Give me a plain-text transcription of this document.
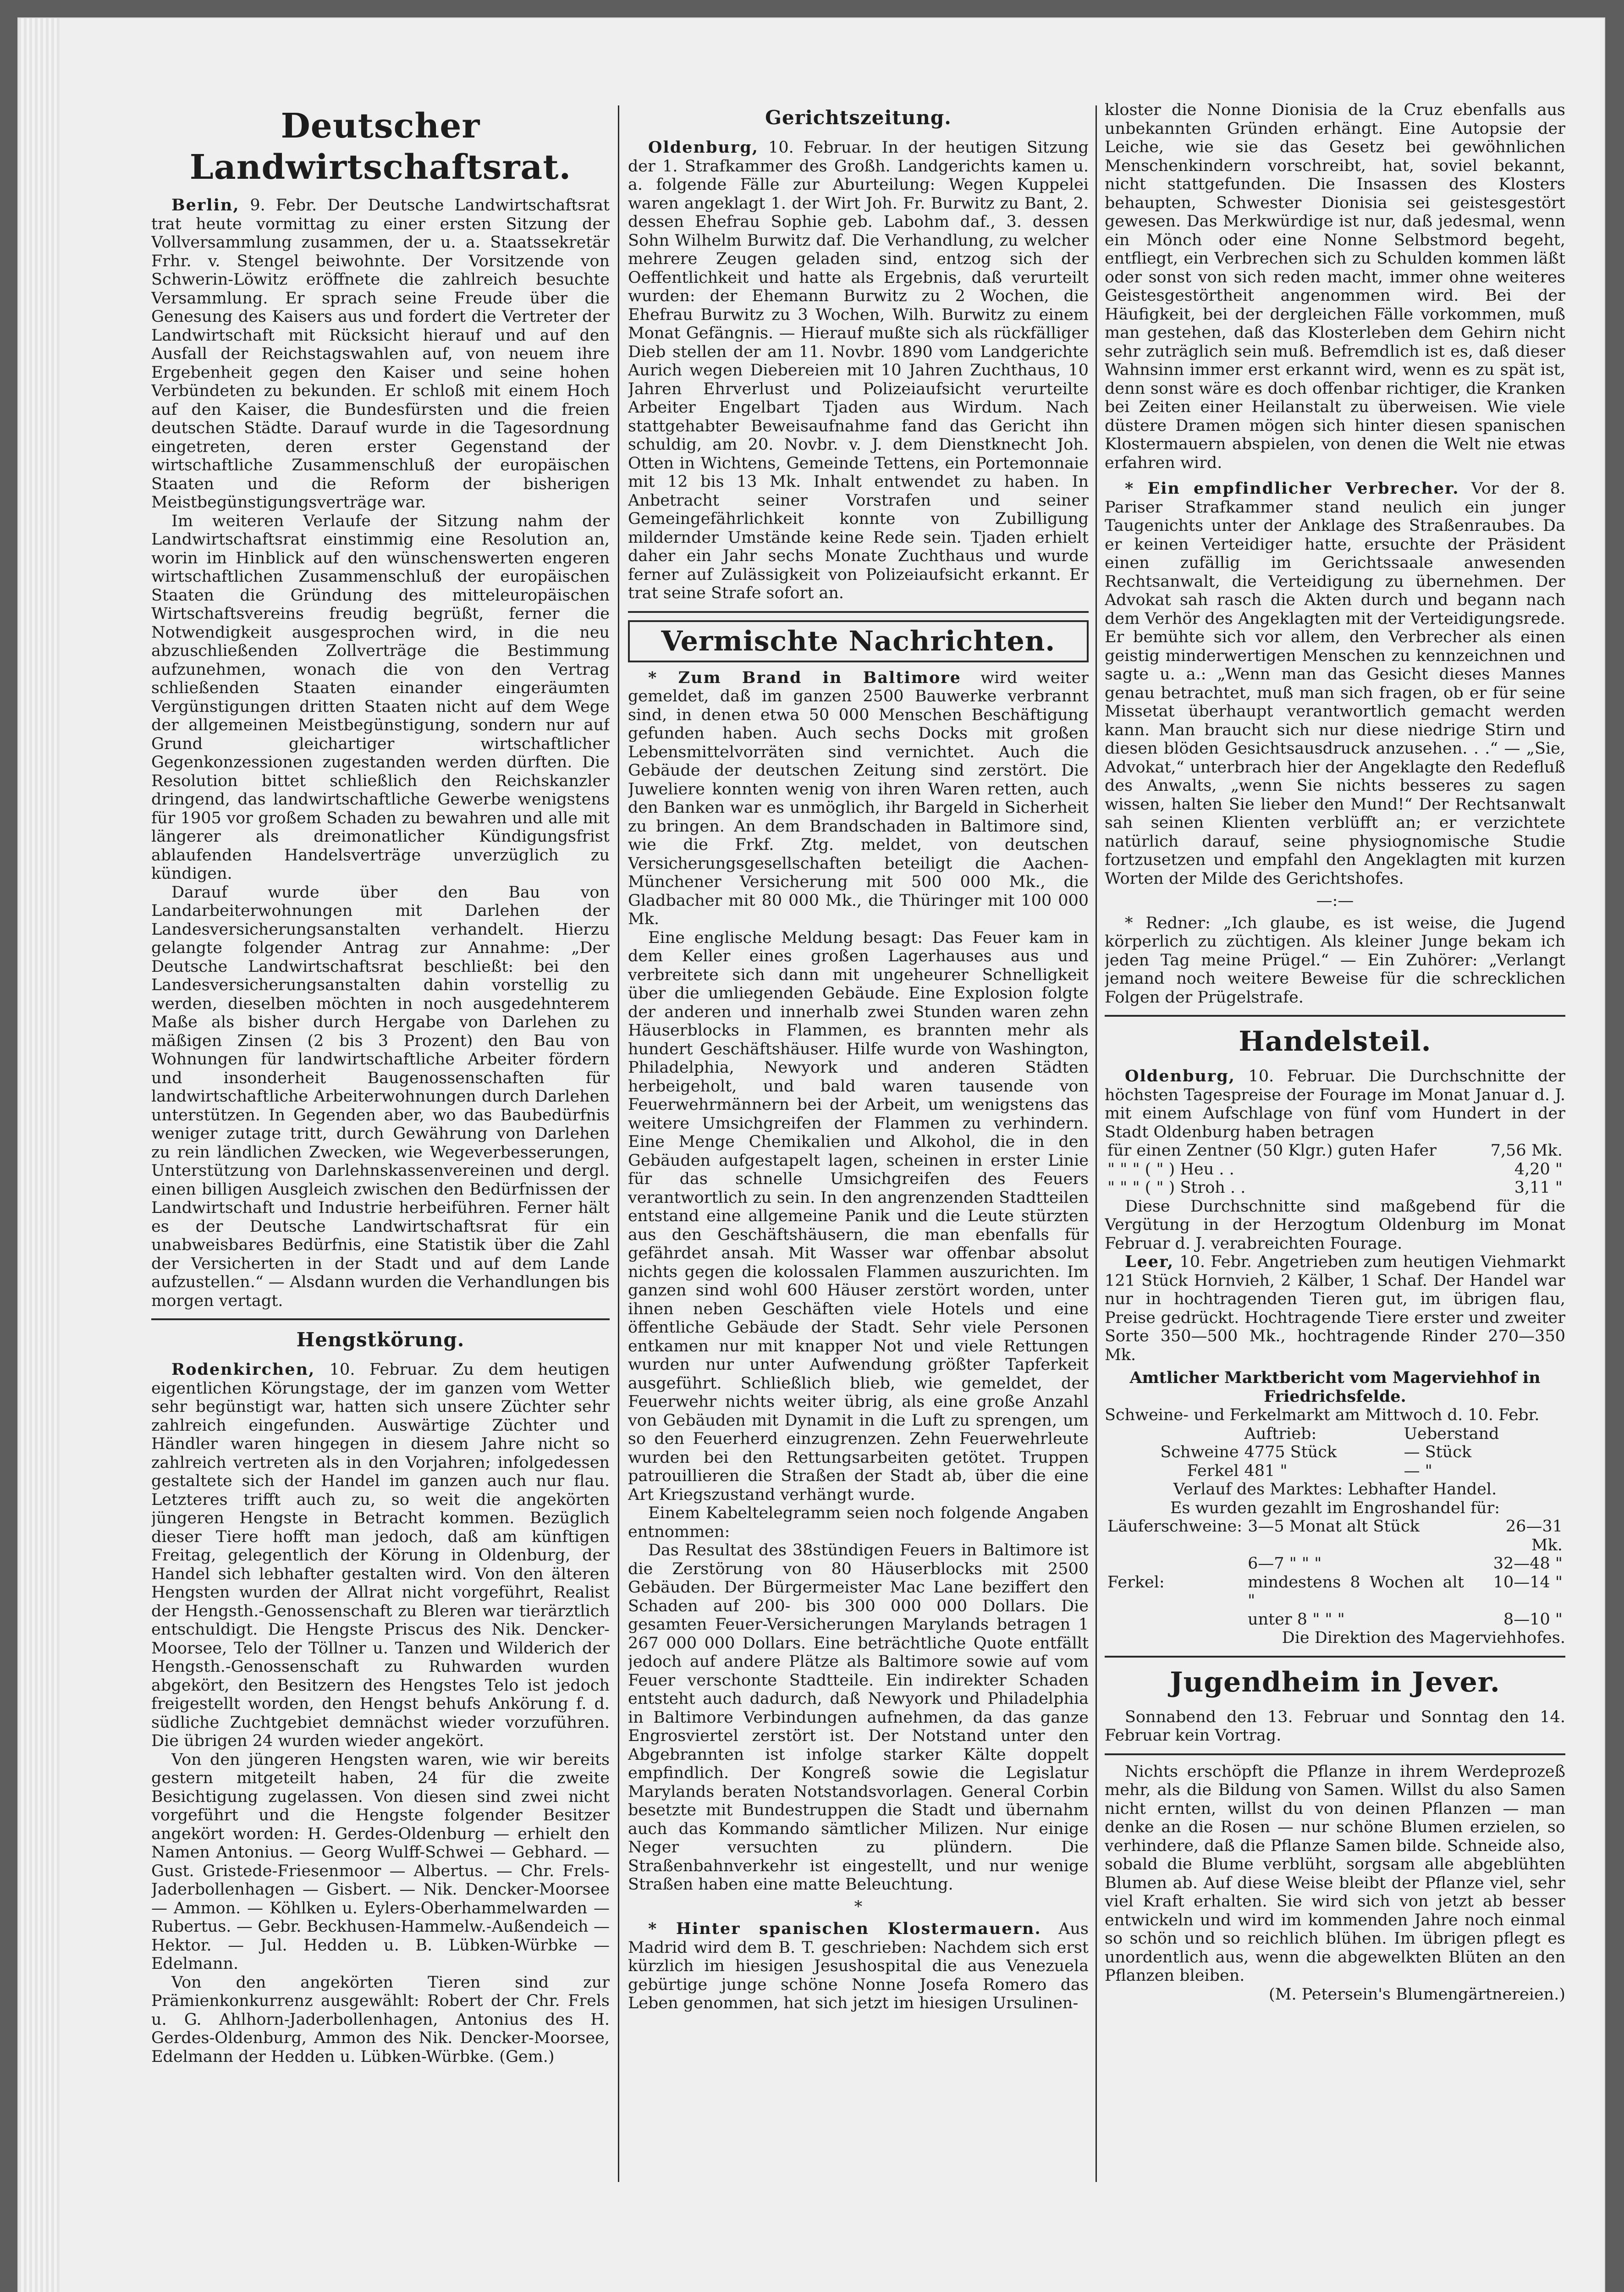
Deutscher Landwirtschaftsrat.

Berlin, 9. Febr. Der Deutsche Landwirtschaftsrat trat heute vormittag zu einer ersten Sitzung der Vollversammlung zusammen, der u. a. Staatssekretär Frhr. v. Stengel beiwohnte. Der Vorsitzende von Schwerin-Löwitz eröffnete die zahlreich besuchte Versammlung. Er sprach seine Freude über die Genesung des Kaisers aus und fordert die Vertreter der Landwirtschaft mit Rücksicht hierauf und auf den Ausfall der Reichstagswahlen auf, von neuem ihre Ergebenheit gegen den Kaiser und seine hohen Verbündeten zu bekunden. Er schloß mit einem Hoch auf den Kaiser, die Bundesfürsten und die freien deutschen Städte. Darauf wurde in die Tagesordnung eingetreten, deren erster Gegenstand der wirtschaftliche Zusammenschluß der europäischen Staaten und die Reform der bisherigen Meistbegünstigungsverträge war.

Im weiteren Verlaufe der Sitzung nahm der Landwirtschaftsrat einstimmig eine Resolution an, worin im Hinblick auf den wünschenswerten engeren wirtschaftlichen Zusammenschluß der europäischen Staaten die Gründung des mitteleuropäischen Wirtschaftsvereins freudig begrüßt, ferner die Notwendigkeit ausgesprochen wird, in die neu abzuschließenden Zollverträge die Bestimmung aufzunehmen, wonach die von den Vertrag schließenden Staaten einander eingeräumten Vergünstigungen dritten Staaten nicht auf dem Wege der allgemeinen Meistbegünstigung, sondern nur auf Grund gleichartiger wirtschaftlicher Gegenkonzessionen zugestanden werden dürften. Die Resolution bittet schließlich den Reichskanzler dringend, das landwirtschaftliche Gewerbe wenigstens für 1905 vor großem Schaden zu bewahren und alle mit längerer als dreimonatlicher Kündigungsfrist ablaufenden Handelsverträge unverzüglich zu kündigen.

Darauf wurde über den Bau von Landarbeiterwohnungen mit Darlehen der Landesversicherungsanstalten verhandelt. Hierzu gelangte folgender Antrag zur Annahme: „Der Deutsche Landwirtschaftsrat beschließt: bei den Landesversicherungsanstalten dahin vorstellig zu werden, dieselben möchten in noch ausgedehnterem Maße als bisher durch Hergabe von Darlehen zu mäßigen Zinsen (2 bis 3 Prozent) den Bau von Wohnungen für landwirtschaftliche Arbeiter fördern und insonderheit Baugenossenschaften für landwirtschaftliche Arbeiterwohnungen durch Darlehen unterstützen. In Gegenden aber, wo das Baubedürfnis weniger zutage tritt, durch Gewährung von Darlehen zu rein ländlichen Zwecken, wie Wegeverbesserungen, Unterstützung von Darlehnskassenvereinen und dergl. einen billigen Ausgleich zwischen den Bedürfnissen der Landwirtschaft und Industrie herbeiführen. Ferner hält es der Deutsche Landwirtschaftsrat für ein unabweisbares Bedürfnis, eine Statistik über die Zahl der Versicherten in der Stadt und auf dem Lande aufzustellen.“ — Alsdann wurden die Verhandlungen bis morgen vertagt.

Hengstkörung.

Rodenkirchen, 10. Februar. Zu dem heutigen eigentlichen Körungstage, der im ganzen vom Wetter sehr begünstigt war, hatten sich unsere Züchter sehr zahlreich eingefunden. Auswärtige Züchter und Händler waren hingegen in diesem Jahre nicht so zahlreich vertreten als in den Vorjahren; infolgedessen gestaltete sich der Handel im ganzen auch nur flau. Letzteres trifft auch zu, so weit die angekörten jüngeren Hengste in Betracht kommen. Bezüglich dieser Tiere hofft man jedoch, daß am künftigen Freitag, gelegentlich der Körung in Oldenburg, der Handel sich lebhafter gestalten wird. Von den älteren Hengsten wurden der Allrat nicht vorgeführt, Realist der Hengsth.-Genossenschaft zu Bleren war tierärztlich entschuldigt. Die Hengste Priscus des Nik. Dencker-Moorsee, Telo der Töllner u. Tanzen und Wilderich der Hengsth.-Genossenschaft zu Ruhwarden wurden abgekört, den Besitzern des Hengstes Telo ist jedoch freigestellt worden, den Hengst behufs Ankörung f. d. südliche Zuchtgebiet demnächst wieder vorzuführen. Die übrigen 24 wurden wieder angekört.

Von den jüngeren Hengsten waren, wie wir bereits gestern mitgeteilt haben, 24 für die zweite Besichtigung zugelassen. Von diesen sind zwei nicht vorgeführt und die Hengste folgender Besitzer angekört worden: H. Gerdes-Oldenburg — erhielt den Namen Antonius. — Georg Wulff-Schwei — Gebhard. — Gust. Gristede-Friesenmoor — Albertus. — Chr. Frels-Jaderbollenhagen — Gisbert. — Nik. Dencker-Moorsee — Ammon. — Köhlken u. Eylers-Oberhammelwarden — Rubertus. — Gebr. Beckhusen-Hammelw.-Außendeich — Hektor. — Jul. Hedden u. B. Lübken-Würbke — Edelmann.

Von den angekörten Tieren sind zur Prämienkonkurrenz ausgewählt: Robert der Chr. Frels u. G. Ahlhorn-Jaderbollenhagen, Antonius des H. Gerdes-Oldenburg, Ammon des Nik. Dencker-Moorsee, Edelmann der Hedden u. Lübken-Würbke. (Gem.)

Gerichtszeitung.

Oldenburg, 10. Februar. In der heutigen Sitzung der 1. Strafkammer des Großh. Landgerichts kamen u. a. folgende Fälle zur Aburteilung: Wegen Kuppelei waren angeklagt 1. der Wirt Joh. Fr. Burwitz zu Bant, 2. dessen Ehefrau Sophie geb. Labohm daf., 3. dessen Sohn Wilhelm Burwitz daf. Die Verhandlung, zu welcher mehrere Zeugen geladen sind, entzog sich der Oeffentlichkeit und hatte als Ergebnis, daß verurteilt wurden: der Ehemann Burwitz zu 2 Wochen, die Ehefrau Burwitz zu 3 Wochen, Wilh. Burwitz zu einem Monat Gefängnis. — Hierauf mußte sich als rückfälliger Dieb stellen der am 11. Novbr. 1890 vom Landgerichte Aurich wegen Diebereien mit 10 Jahren Zuchthaus, 10 Jahren Ehrverlust und Polizeiaufsicht verurteilte Arbeiter Engelbart Tjaden aus Wirdum. Nach stattgehabter Beweisaufnahme fand das Gericht ihn schuldig, am 20. Novbr. v. J. dem Dienstknecht Joh. Otten in Wichtens, Gemeinde Tettens, ein Portemonnaie mit 12 bis 13 Mk. Inhalt entwendet zu haben. In Anbetracht seiner Vorstrafen und seiner Gemeingefährlichkeit konnte von Zubilligung mildernder Umstände keine Rede sein. Tjaden erhielt daher ein Jahr sechs Monate Zuchthaus und wurde ferner auf Zulässigkeit von Polizeiaufsicht erkannt. Er trat seine Strafe sofort an.

Vermischte Nachrichten.

* Zum Brand in Baltimore wird weiter gemeldet, daß im ganzen 2500 Bauwerke verbrannt sind, in denen etwa 50 000 Menschen Beschäftigung gefunden haben. Auch sechs Docks mit großen Lebensmittelvorräten sind vernichtet. Auch die Gebäude der deutschen Zeitung sind zerstört. Die Juweliere konnten wenig von ihren Waren retten, auch den Banken war es unmöglich, ihr Bargeld in Sicherheit zu bringen. An dem Brandschaden in Baltimore sind, wie die Frkf. Ztg. meldet, von deutschen Versicherungsgesellschaften beteiligt die Aachen-Münchener Versicherung mit 500 000 Mk., die Gladbacher mit 80 000 Mk., die Thüringer mit 100 000 Mk.

Eine englische Meldung besagt: Das Feuer kam in dem Keller eines großen Lagerhauses aus und verbreitete sich dann mit ungeheurer Schnelligkeit über die umliegenden Gebäude. Eine Explosion folgte der anderen und innerhalb zwei Stunden waren zehn Häuserblocks in Flammen, es brannten mehr als hundert Geschäftshäuser. Hilfe wurde von Washington, Philadelphia, Newyork und anderen Städten herbeigeholt, und bald waren tausende von Feuerwehrmännern bei der Arbeit, um wenigstens das weitere Umsichgreifen der Flammen zu verhindern. Eine Menge Chemikalien und Alkohol, die in den Gebäuden aufgestapelt lagen, scheinen in erster Linie für das schnelle Umsichgreifen des Feuers verantwortlich zu sein. In den angrenzenden Stadtteilen entstand eine allgemeine Panik und die Leute stürzten aus den Geschäftshäusern, die man ebenfalls für gefährdet ansah. Mit Wasser war offenbar absolut nichts gegen die kolossalen Flammen auszurichten. Im ganzen sind wohl 600 Häuser zerstört worden, unter ihnen neben Geschäften viele Hotels und eine öffentliche Gebäude der Stadt. Sehr viele Personen entkamen nur mit knapper Not und viele Rettungen wurden nur unter Aufwendung größter Tapferkeit ausgeführt. Schließlich blieb, wie gemeldet, der Feuerwehr nichts weiter übrig, als eine große Anzahl von Gebäuden mit Dynamit in die Luft zu sprengen, um so den Feuerherd einzugrenzen. Zehn Feuerwehrleute wurden bei den Rettungsarbeiten getötet. Truppen patrouillieren die Straßen der Stadt ab, über die eine Art Kriegszustand verhängt wurde.

Einem Kabeltelegramm seien noch folgende Angaben entnommen:

Das Resultat des 38stündigen Feuers in Baltimore ist die Zerstörung von 80 Häuserblocks mit 2500 Gebäuden. Der Bürgermeister Mac Lane beziffert den Schaden auf 200- bis 300 000 000 Dollars. Die gesamten Feuer-Versicherungen Marylands betragen 1 267 000 000 Dollars. Eine beträchtliche Quote entfällt jedoch auf andere Plätze als Baltimore sowie auf vom Feuer verschonte Stadtteile. Ein indirekter Schaden entsteht auch dadurch, daß Newyork und Philadelphia in Baltimore Verbindungen aufnehmen, da das ganze Engrosviertel zerstört ist. Der Notstand unter den Abgebrannten ist infolge starker Kälte doppelt empfindlich. Der Kongreß sowie die Legislatur Marylands beraten Notstandsvorlagen. General Corbin besetzte mit Bundestruppen die Stadt und übernahm auch das Kommando sämtlicher Milizen. Nur einige Neger versuchten zu plündern. Die Straßenbahnverkehr ist eingestellt, und nur wenige Straßen haben eine matte Beleuchtung.

*

* Hinter spanischen Klostermauern. Aus Madrid wird dem B. T. geschrieben: Nachdem sich erst kürzlich im hiesigen Jesushospital die aus Venezuela gebürtige junge schöne Nonne Josefa Romero das Leben genommen, hat sich jetzt im hiesigen Ursulinen-

kloster die Nonne Dionisia de la Cruz ebenfalls aus unbekannten Gründen erhängt. Eine Autopsie der Leiche, wie sie das Gesetz bei gewöhnlichen Menschenkindern vorschreibt, hat, soviel bekannt, nicht stattgefunden. Die Insassen des Klosters behaupten, Schwester Dionisia sei geistesgestört gewesen. Das Merkwürdige ist nur, daß jedesmal, wenn ein Mönch oder eine Nonne Selbstmord begeht, entfliegt, ein Verbrechen sich zu Schulden kommen läßt oder sonst von sich reden macht, immer ohne weiteres Geistesgestörtheit angenommen wird. Bei der Häufigkeit, bei der dergleichen Fälle vorkommen, muß man gestehen, daß das Klosterleben dem Gehirn nicht sehr zuträglich sein muß. Befremdlich ist es, daß dieser Wahnsinn immer erst erkannt wird, wenn es zu spät ist, denn sonst wäre es doch offenbar richtiger, die Kranken bei Zeiten einer Heilanstalt zu überweisen. Wie viele düstere Dramen mögen sich hinter diesen spanischen Klostermauern abspielen, von denen die Welt nie etwas erfahren wird.

* Ein empfindlicher Verbrecher. Vor der 8. Pariser Strafkammer stand neulich ein junger Taugenichts unter der Anklage des Straßenraubes. Da er keinen Verteidiger hatte, ersuchte der Präsident einen zufällig im Gerichtssaale anwesenden Rechtsanwalt, die Verteidigung zu übernehmen. Der Advokat sah rasch die Akten durch und begann nach dem Verhör des Angeklagten mit der Verteidigungsrede. Er bemühte sich vor allem, den Verbrecher als einen geistig minderwertigen Menschen zu kennzeichnen und sagte u. a.: „Wenn man das Gesicht dieses Mannes genau betrachtet, muß man sich fragen, ob er für seine Missetat überhaupt verantwortlich gemacht werden kann. Man braucht sich nur diese niedrige Stirn und diesen blöden Gesichtsausdruck anzusehen. . .“ — „Sie, Advokat,“ unterbrach hier der Angeklagte den Redefluß des Anwalts, „wenn Sie nichts besseres zu sagen wissen, halten Sie lieber den Mund!“ Der Rechtsanwalt sah seinen Klienten verblüfft an; er verzichtete natürlich darauf, seine physiognomische Studie fortzusetzen und empfahl den Angeklagten mit kurzen Worten der Milde des Gerichtshofes.

—:—

* Redner: „Ich glaube, es ist weise, die Jugend körperlich zu züchtigen. Als kleiner Junge bekam ich jeden Tag meine Prügel.“ — Ein Zuhörer: „Verlangt jemand noch weitere Beweise für die schrecklichen Folgen der Prügelstrafe.

Handelsteil.

Oldenburg, 10. Februar. Die Durchschnitte der höchsten Tagespreise der Fourage im Monat Januar d. J. mit einem Aufschlage von fünf vom Hundert in der Stadt Oldenburg haben betragen

für einen Zentner (50 Klgr.) guten Hafer	7,56 Mk.
" " " ( " ) Heu . .	4,20 "
" " " ( " ) Stroh . .	3,11 "

Diese Durchschnitte sind maßgebend für die Vergütung in der Herzogtum Oldenburg im Monat Februar d. J. verabreichten Fourage.

Leer, 10. Febr. Angetrieben zum heutigen Viehmarkt 121 Stück Hornvieh, 2 Kälber, 1 Schaf. Der Handel war nur in hochtragenden Tieren gut, im übrigen flau, Preise gedrückt. Hochtragende Tiere erster und zweiter Sorte 350—500 Mk., hochtragende Rinder 270—350 Mk.

Amtlicher Marktbericht vom Magerviehhof in Friedrichsfelde.

Schweine- und Ferkelmarkt am Mittwoch d. 10. Febr.

	Auftrieb:	Ueberstand
Schweine	4775 Stück	— Stück
Ferkel	481 "	— "

Verlauf des Marktes: Lebhafter Handel.

Es wurden gezahlt im Engroshandel für:

Läuferschweine:	3—5 Monat alt Stück	26—31 Mk.
	6—7 " " "	32—48 "
Ferkel:	mindestens 8 Wochen alt "	10—14 "
	unter 8 " " "	8—10 "

Die Direktion des Magerviehhofes.

Jugendheim in Jever.

Sonnabend den 13. Februar und Sonntag den 14. Februar kein Vortrag.

Nichts erschöpft die Pflanze in ihrem Werdeprozeß mehr, als die Bildung von Samen. Willst du also Samen nicht ernten, willst du von deinen Pflanzen — man denke an die Rosen — nur schöne Blumen erzielen, so verhindere, daß die Pflanze Samen bilde. Schneide also, sobald die Blume verblüht, sorgsam alle abgeblühten Blumen ab. Auf diese Weise bleibt der Pflanze viel, sehr viel Kraft erhalten. Sie wird sich von jetzt ab besser entwickeln und wird im kommenden Jahre noch einmal so schön und so reichlich blühen. Im übrigen pflegt es unordentlich aus, wenn die abgewelkten Blüten an den Pflanzen bleiben.

(M. Petersein's Blumengärtnereien.)
